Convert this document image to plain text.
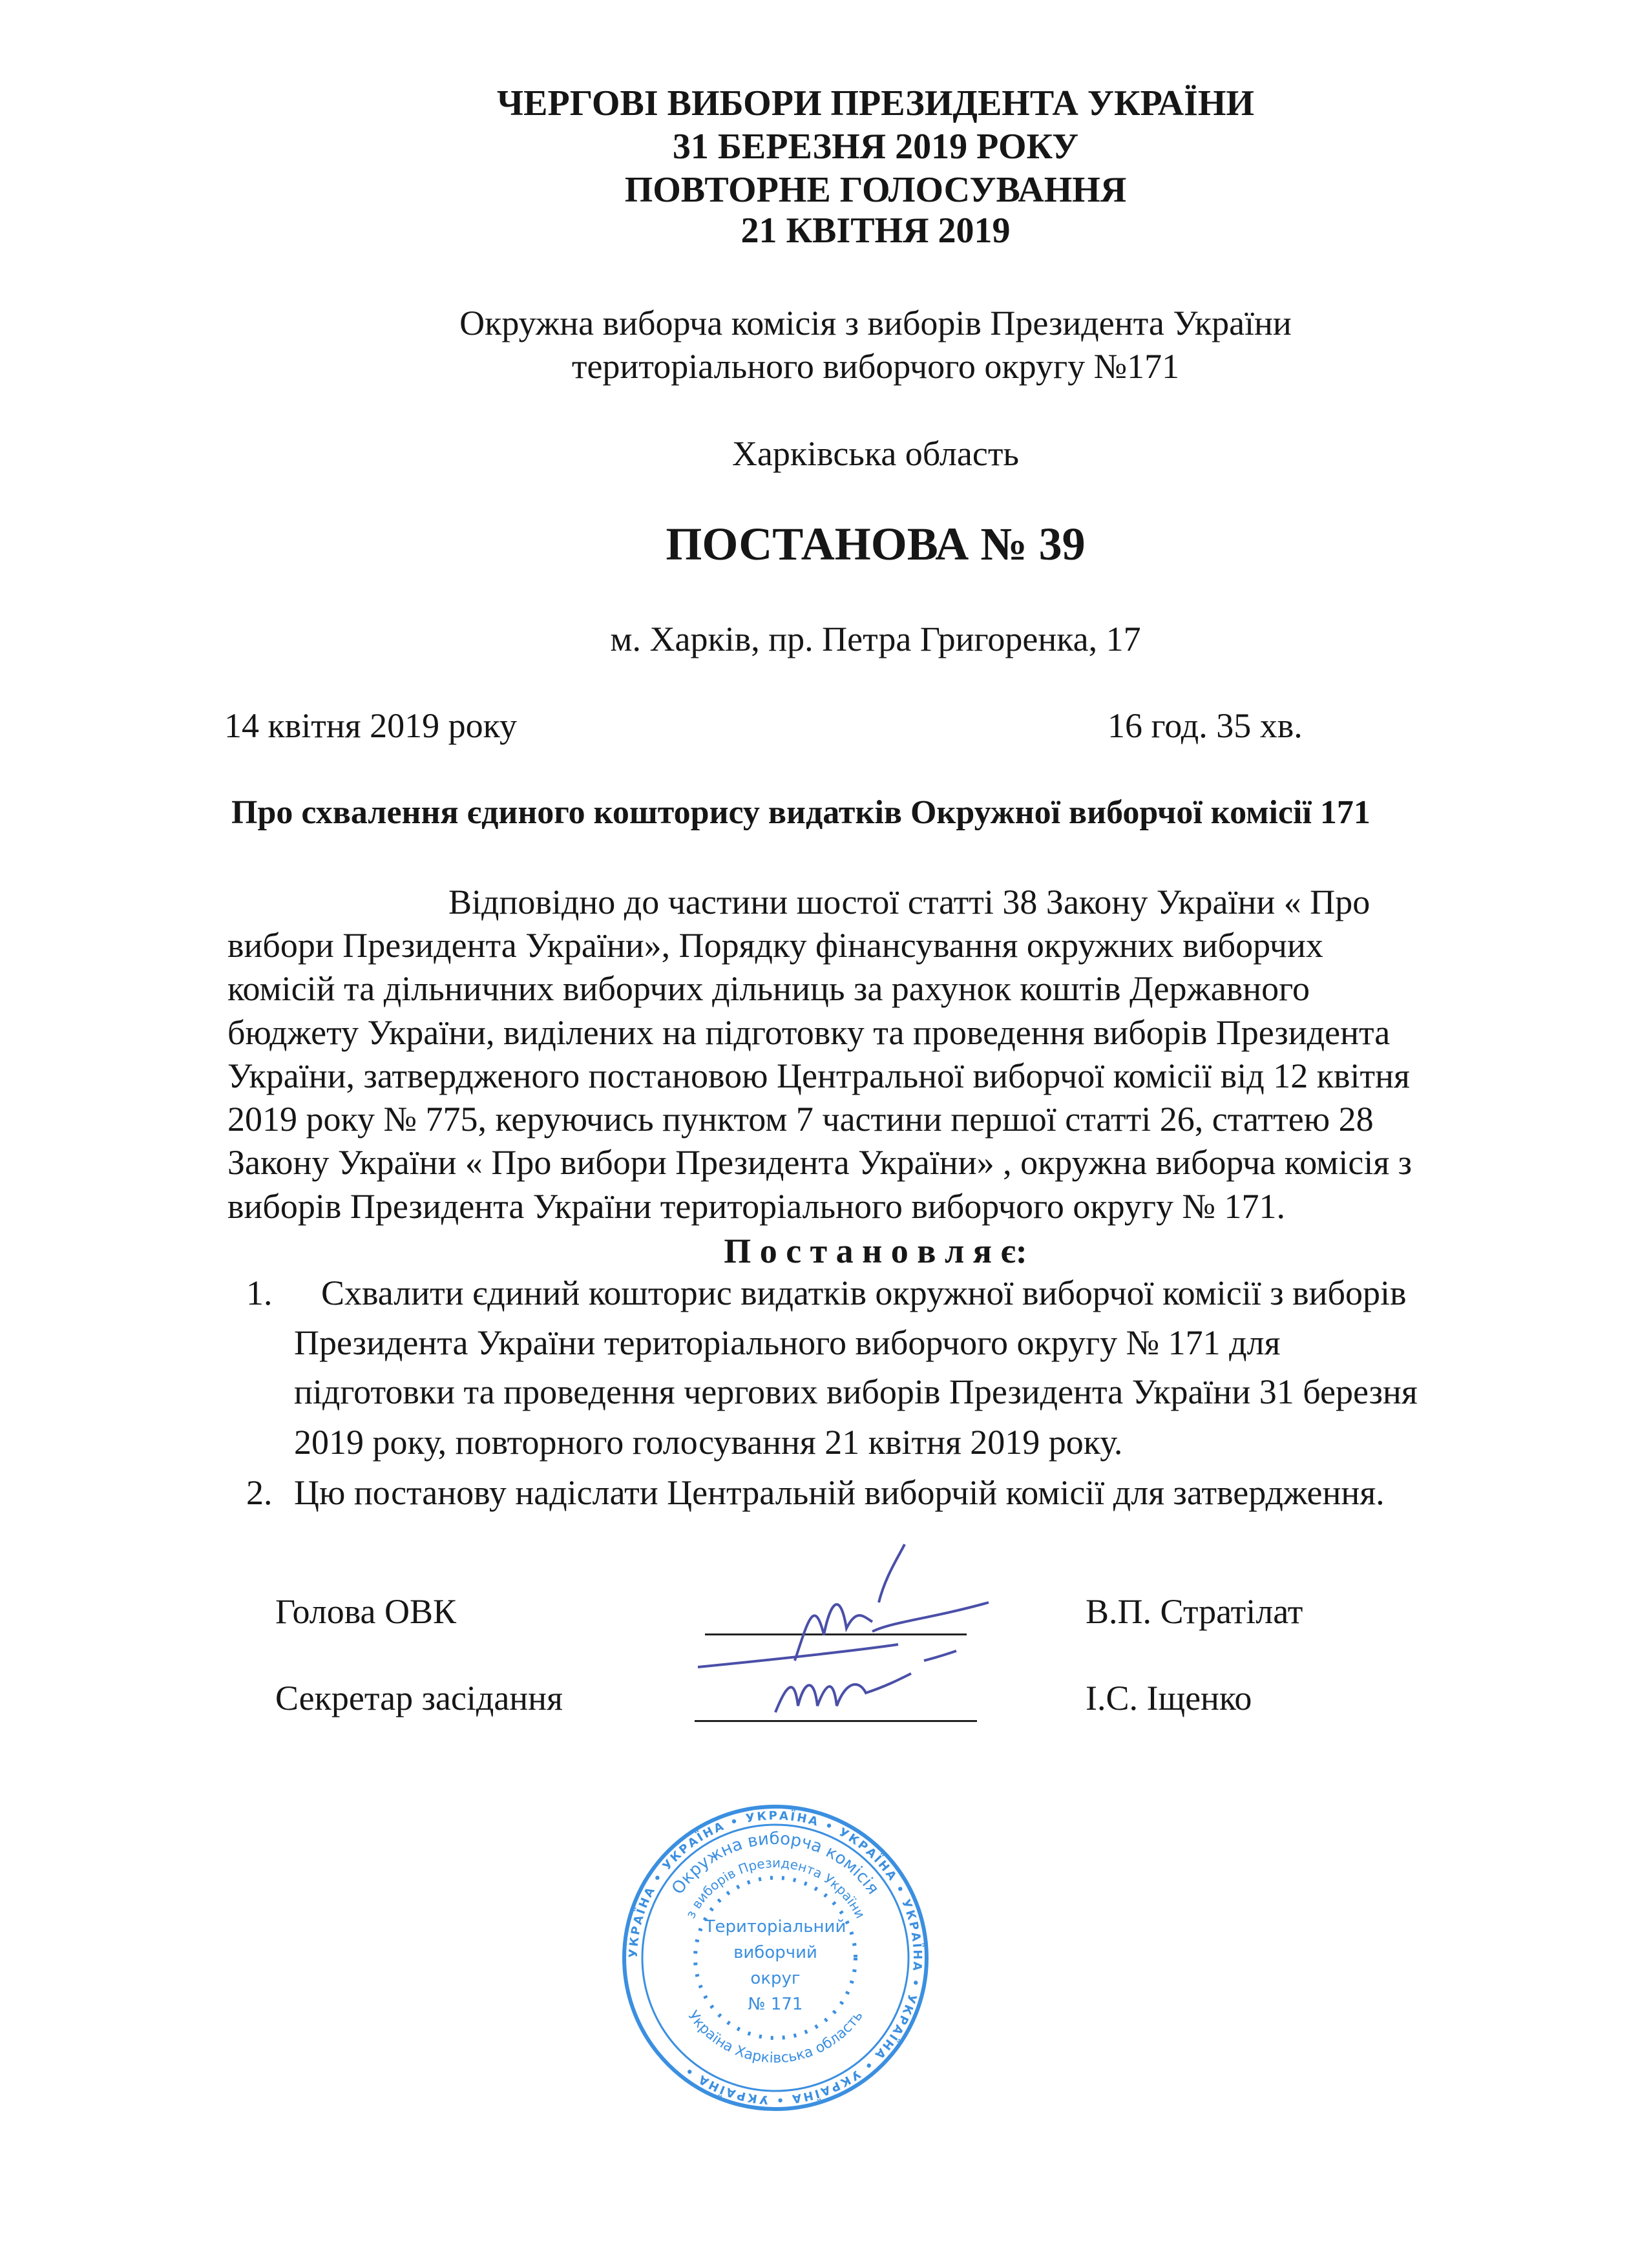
ЧЕРГОВІ ВИБОРИ ПРЕЗИДЕНТА УКРАЇНИ
31 БЕРЕЗНЯ 2019 РОКУ
ПОВТОРНЕ ГОЛОСУВАННЯ
21 КВІТНЯ 2019
Окружна виборча комісія з виборів Президента України
територіального виборчого округу №171
Харківська область
ПОСТАНОВА № 39
м. Харків, пр. Петра Григоренка, 17
14 квітня 2019 року	16 год. 35 хв.
Про схвалення єдиного кошторису видатків Окружної виборчої комісії 171
Відповідно до частини шостої статті 38 Закону України « Про
вибори Президента України», Порядку фінансування окружних виборчих
комісій та дільничних виборчих дільниць за рахунок коштів Державного
бюджету України, виділених на підготовку та проведення виборів Президента
України, затвердженого постановою Центральної виборчої комісії від 12 квітня
2019 року № 775, керуючись пунктом 7 частини першої статті 26, статтею 28
Закону України « Про вибори Президента України» , окружна виборча комісія з
виборів Президента України територіального виборчого округу № 171.
П о с т а н о в л я є:
1. Схвалити єдиний кошторис видатків окружної виборчої комісії з виборів
Президента України територіального виборчого округу № 171 для
підготовки та проведення чергових виборів Президента України 31 березня
2019 року, повторного голосування 21 квітня 2019 року.
2. Цю постанову надіслати Центральній виборчій комісії для затвердження.
Голова ОВК	В.П. Стратілат
Секретар засідання	І.С. Іщенко
УКРАЇНА • УКРАЇНА • УКРАЇНА • УКРАЇНА • УКРАЇНА • УКРАЇНА • УКРАЇНА • УКРАЇНА •
Окружна виборча комісія
з виборів Президента України
Україна Харківська область
Територіальний
виборчий
округ
№ 171
